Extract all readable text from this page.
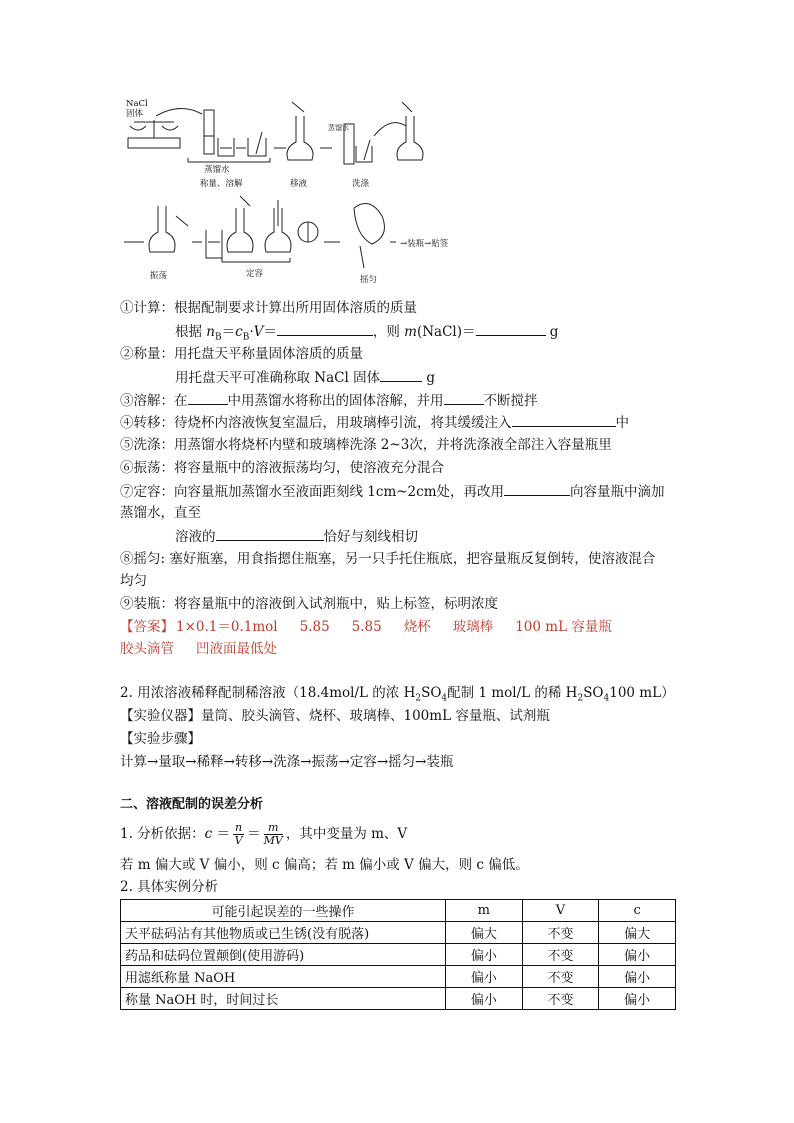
NaCl
固体
蒸馏水
称量、溶解	移液
蒸馏水
洗涤
振荡	定容
摇匀
→装瓶→贴签
①计算：根据配制要求计算出所用固体溶质的质量
根据 $n_B=c_B\cdot V=$	，则 m(NaCl)＝	g
②称量：用托盘天平称量固体溶质的质量
用托盘天平可准确称取 NaCl 固体	g
③溶解：在	中用蒸馏水将称出的固体溶解，并用	不断搅拌
④转移：待烧杯内溶液恢复室温后，用玻璃棒引流，将其缓缓注入	中
⑤洗涤：用蒸馏水将烧杯内壁和玻璃棒洗涤 2~3次，并将洗涤液全部注入容量瓶里
⑥振荡：将容量瓶中的溶液振荡均匀，使溶液充分混合
⑦定容：向容量瓶加蒸馏水至液面距刻线 1cm~2cm处，再改用	向容量瓶中滴加
蒸馏水，直至
溶液的	恰好与刻线相切
⑧摇匀: 塞好瓶塞，用食指摁住瓶塞，另一只手托住瓶底，把容量瓶反复倒转，使溶液混合
均匀
⑨装瓶：将容量瓶中的溶液倒入试剂瓶中，贴上标签，标明浓度
【答案】 1×0.1＝0.1mol 5.85 5.85 烧杯 玻璃棒 100 mL 容量瓶
胶头滴管 凹液面最低处
2. 用浓溶液稀释配制稀溶液（18.4mol/L 的浓 $H_2SO_4$配制 1 mol/L 的稀 $H_2SO_4100$ mL）
【实验仪器】量筒、胶头滴管、烧杯、玻璃棒、100mL 容量瓶、试剂瓶
【实验步骤】
计算→量取→稀释→转移→洗涤→振荡→定容→摇匀→装瓶
二、溶液配制的误差分析
1. 分析依据：$c = \frac{n}{V} = \frac{m}{MV}$ ，其中变量为 m、V
若 m 偏大或 V 偏小，则 c 偏高；若 m 偏小或 V 偏大，则 c 偏低。
2. 具体实例分析
可能引起误差的一些操作	m	V	c
天平砝码沾有其他物质或已生锈(没有脱落)	偏大	不变	偏大
药品和砝码位置颠倒(使用游码)	偏小	不变	偏小
用滤纸称量 NaOH	偏小	不变	偏小
称量 NaOH 时，时间过长	偏小	不变	偏小
